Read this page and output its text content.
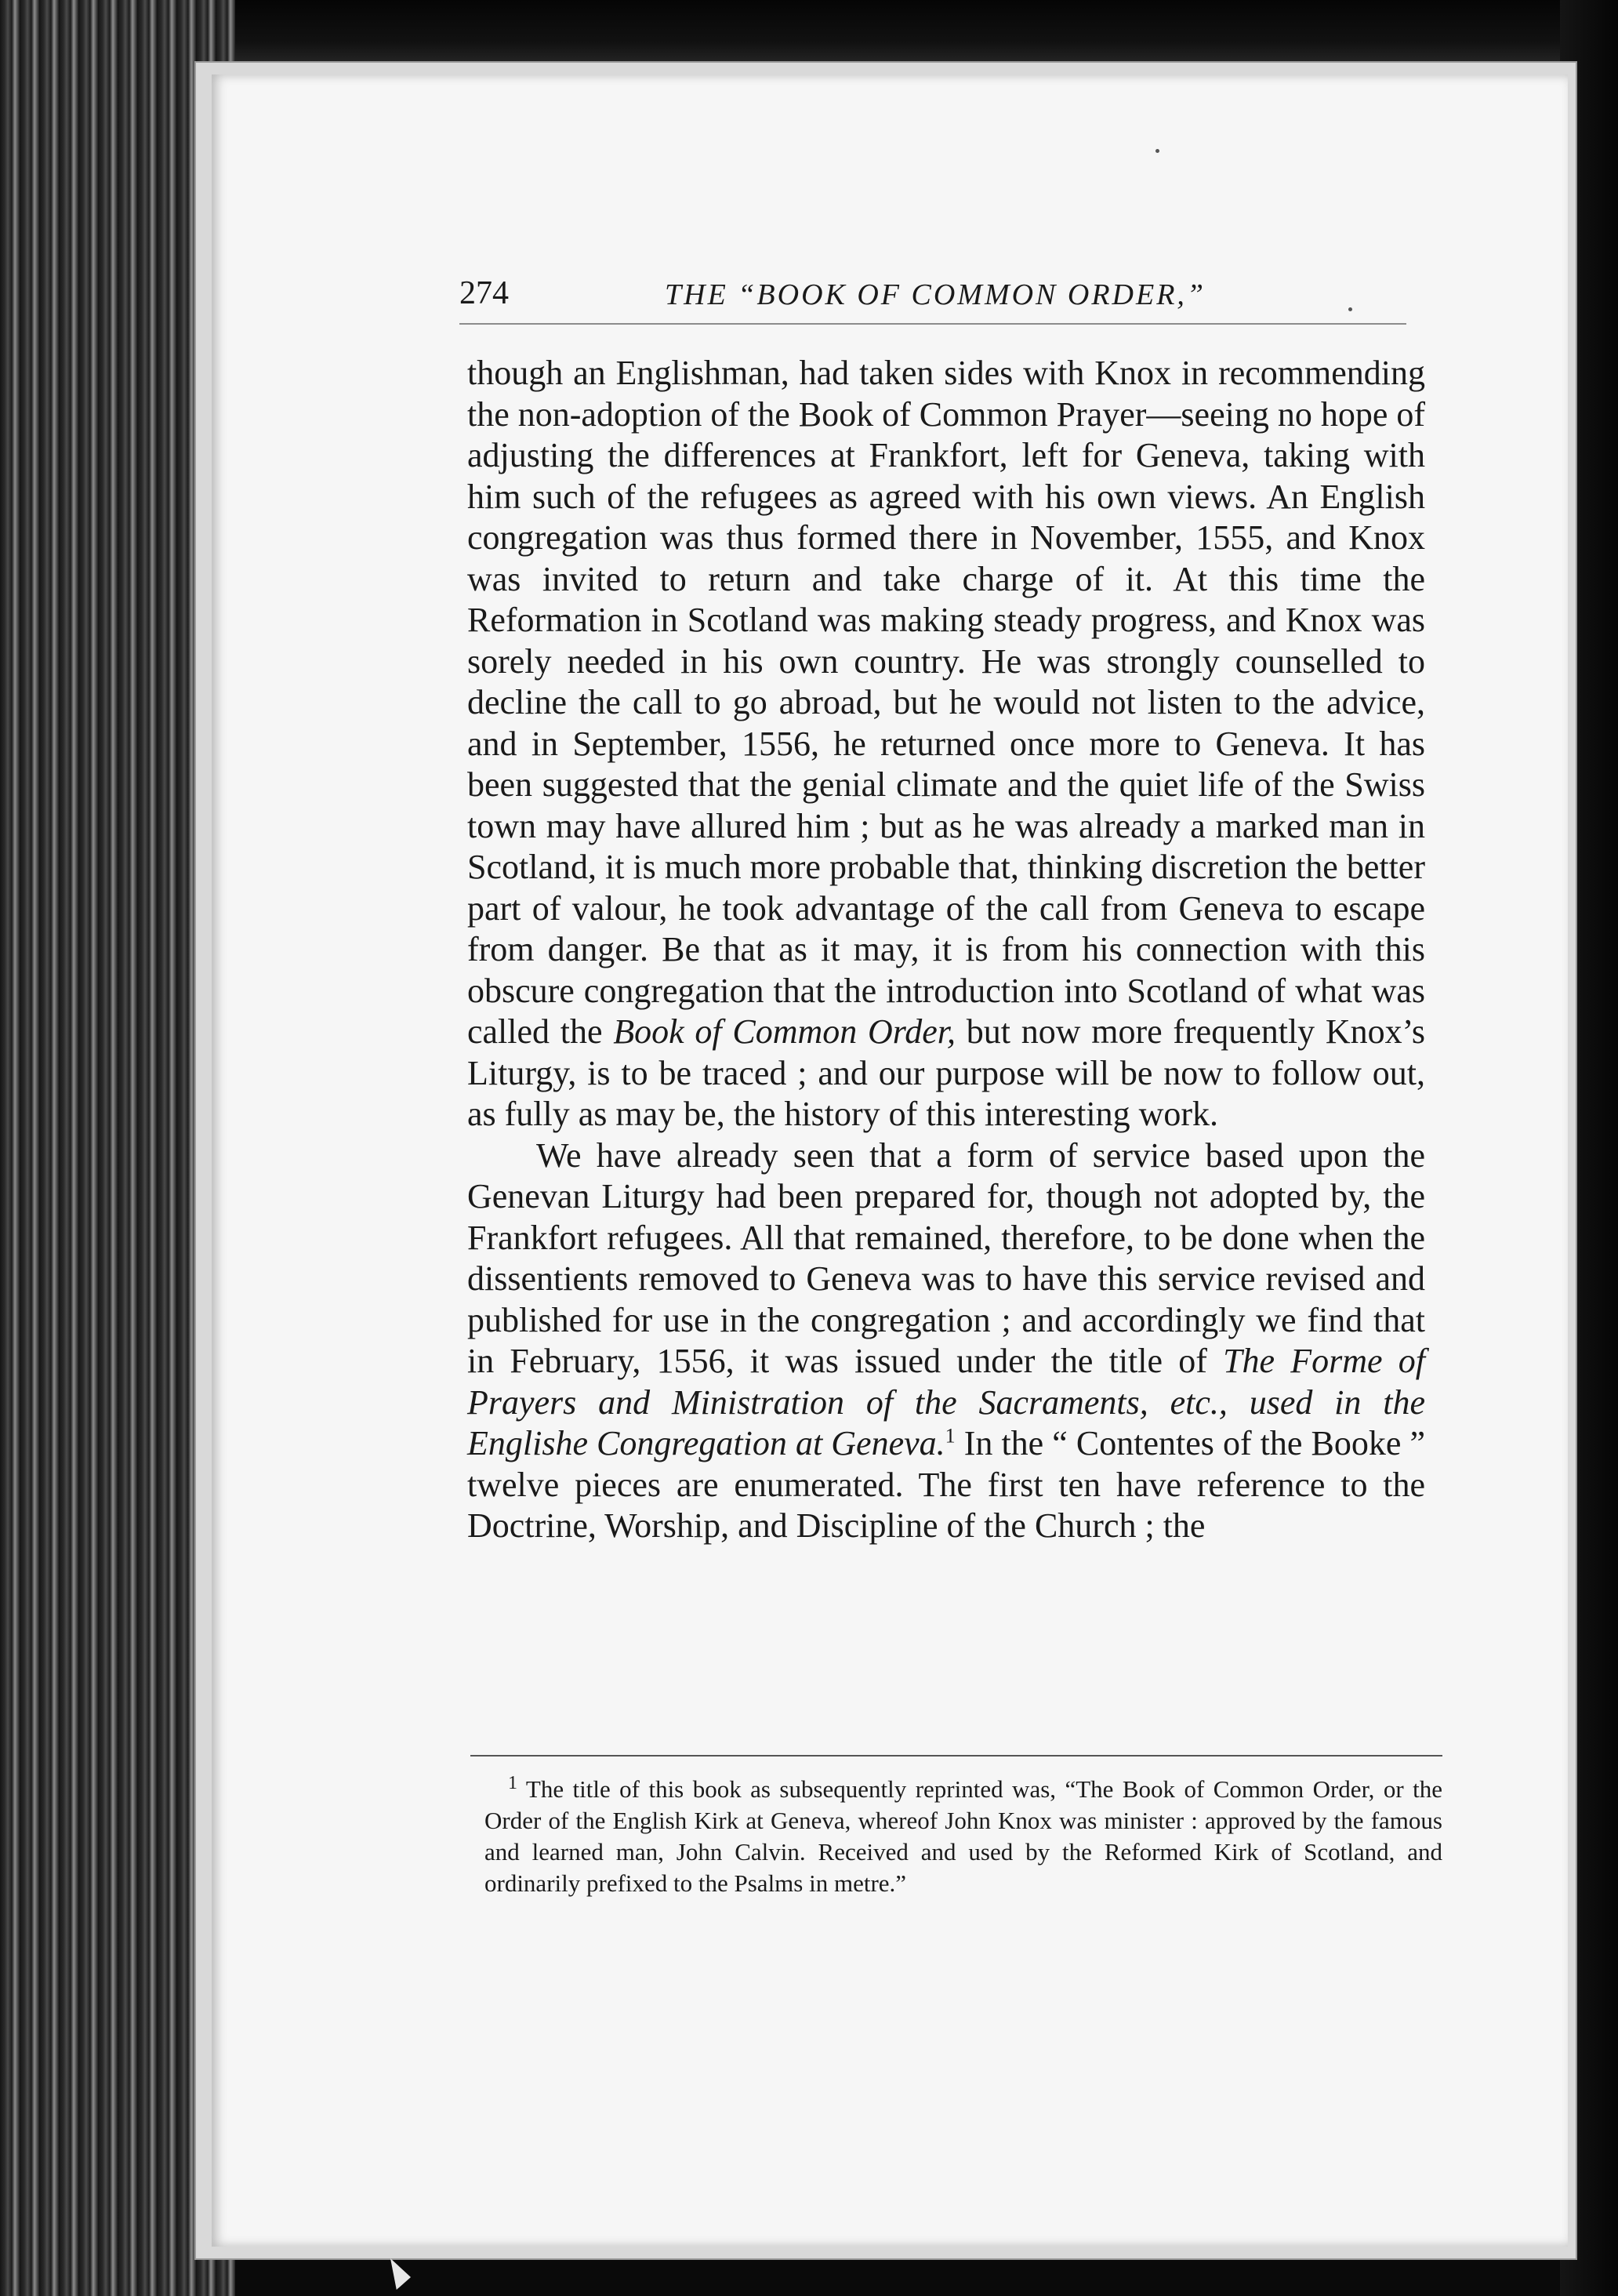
274	THE “BOOK OF COMMON ORDER,”

though an Englishman, had taken sides with Knox in recommending the non-adoption of the Book of Common Prayer—seeing no hope of adjusting the differences at Frankfort, left for Geneva, taking with him such of the refugees as agreed with his own views. An English congregation was thus formed there in November, 1555, and Knox was invited to return and take charge of it. At this time the Reformation in Scotland was making steady progress, and Knox was sorely needed in his own country. He was strongly counselled to decline the call to go abroad, but he would not listen to the advice, and in September, 1556, he returned once more to Geneva. It has been suggested that the genial climate and the quiet life of the Swiss town may have allured him ; but as he was already a marked man in Scotland, it is much more probable that, thinking discretion the better part of valour, he took advantage of the call from Geneva to escape from danger. Be that as it may, it is from his connection with this obscure congregation that the introduction into Scotland of what was called the Book of Common Order, but now more frequently Knox’s Liturgy, is to be traced ; and our purpose will be now to follow out, as fully as may be, the history of this interesting work.

We have already seen that a form of service based upon the Genevan Liturgy had been prepared for, though not adopted by, the Frankfort refugees. All that remained, therefore, to be done when the dissentients removed to Geneva was to have this service revised and published for use in the congregation ; and accordingly we find that in February, 1556, it was issued under the title of The Forme of Prayers and Ministration of the Sacraments, etc., used in the Englishe Congregation at Geneva.$^1$ In the “ Contentes of the Booke ” twelve pieces are enumerated. The first ten have reference to the Doctrine, Worship, and Discipline of the Church ; the

$^1$ The title of this book as subsequently reprinted was, “The Book of Common Order, or the Order of the English Kirk at Geneva, whereof John Knox was minister : approved by the famous and learned man, John Calvin. Received and used by the Reformed Kirk of Scotland, and ordinarily prefixed to the Psalms in metre.”
